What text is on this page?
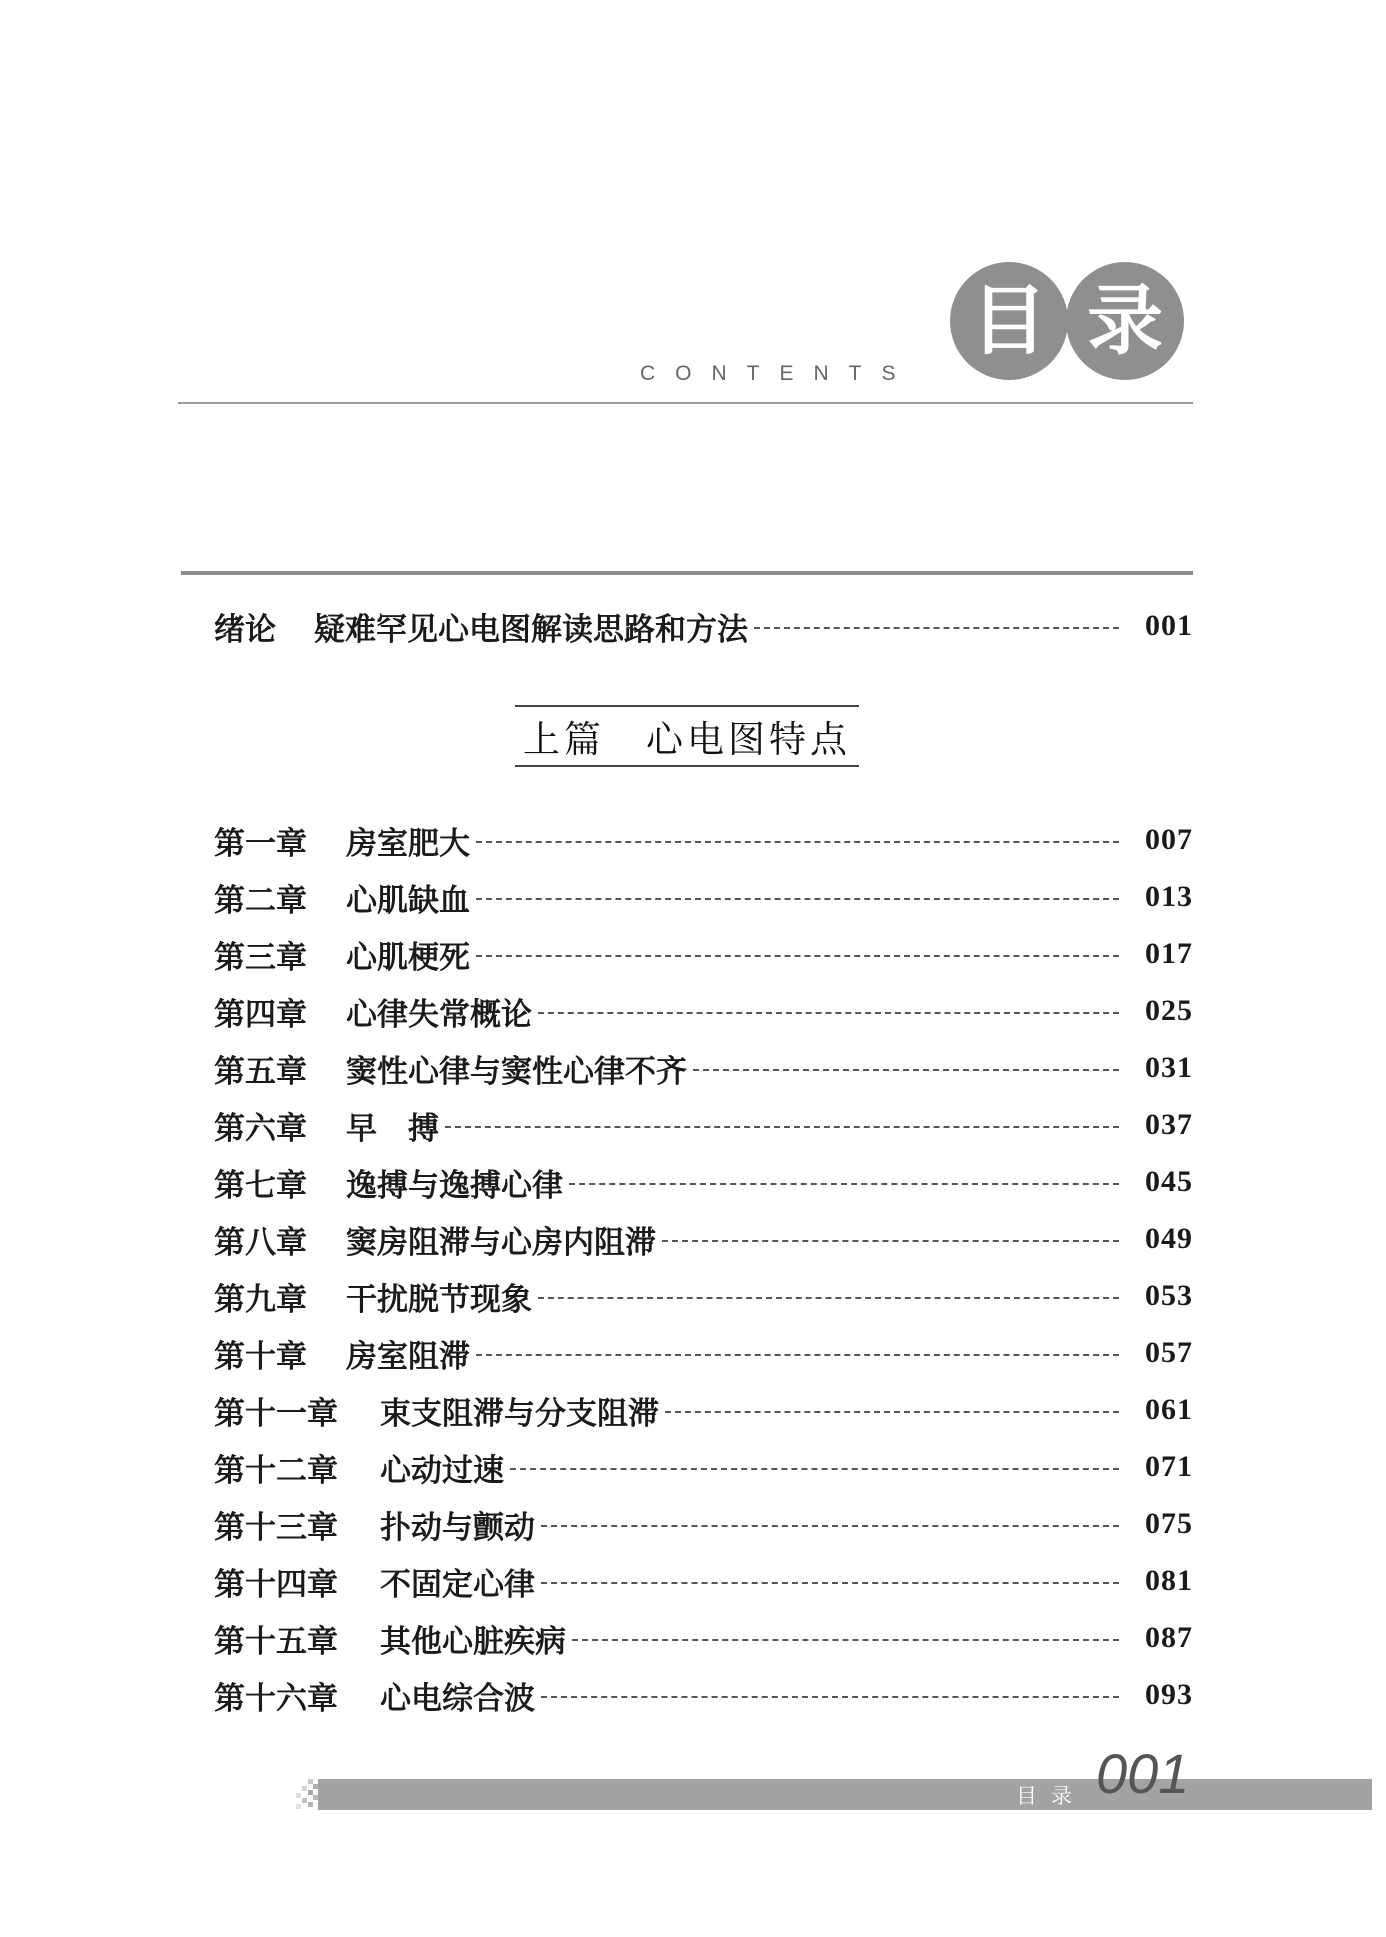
CONTENTS
目 录
绪论	疑难罕见心电图解读思路和方法	001
上篇　心电图特点
第一章	房室肥大	007
第二章	心肌缺血	013
第三章	心肌梗死	017
第四章	心律失常概论	025
第五章	窦性心律与窦性心律不齐	031
第六章	早　搏	037
第七章	逸搏与逸搏心律	045
第八章	窦房阻滞与心房内阻滞	049
第九章	干扰脱节现象	053
第十章	房室阻滞	057
第十一章	束支阻滞与分支阻滞	061
第十二章	心动过速	071
第十三章	扑动与颤动	075
第十四章	不固定心律	081
第十五章	其他心脏疾病	087
第十六章	心电综合波	093
目录 001
